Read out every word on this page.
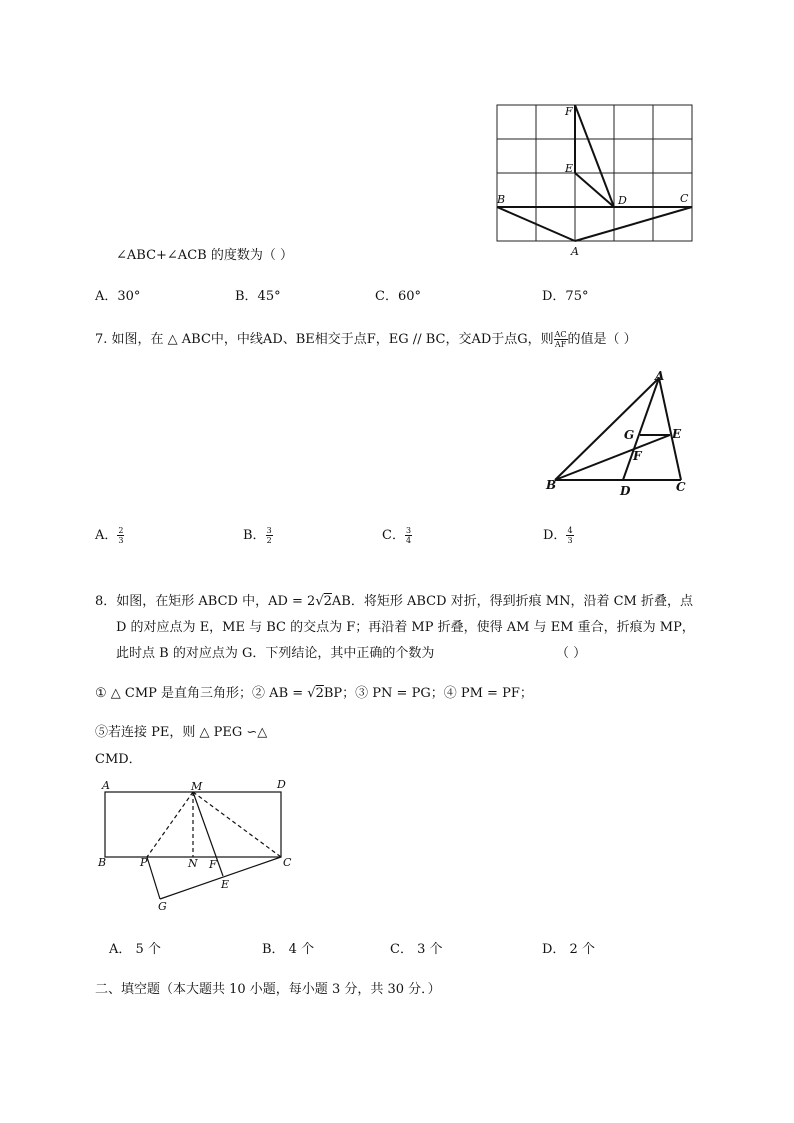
F
E
B	D	C
A
∠ABC+∠ACB 的度数为（ ）
A．30°	B．45°	C．60°	D．75°
7. 如图，在 △ ABC中，中线AD、BE相交于点F，EG // BC，交AD于点G，则 $\frac{AC}{AF}$ 的值是（ ）
A
G	E
F
B	D	C
A． $\frac{2}{3}$	B． $\frac{3}{2}$	C． $\frac{3}{4}$	D． $\frac{4}{3}$
8．如图，在矩形 ABCD 中，AD = 2√2AB．将矩形 ABCD 对折，得到折痕 MN，沿着 CM 折叠，点
D 的对应点为 E，ME 与 BC 的交点为 F；再沿着 MP 折叠，使得 AM 与 EM 重合，折痕为 MP，
此时点 B 的对应点为 G．下列结论，其中正确的个数为	（ ）
① △ CMP 是直角三角形；② AB = √2BP；③ PN = PG；④ PM = PF；
⑤若连接 PE，则 △ PEG ∽△
CMD．
A	M	D
B	P	N F	C
E
G
A． 5 个	B． 4 个	C． 3 个	D． 2 个
二、填空题（本大题共 10 小题，每小题 3 分，共 30 分．）
